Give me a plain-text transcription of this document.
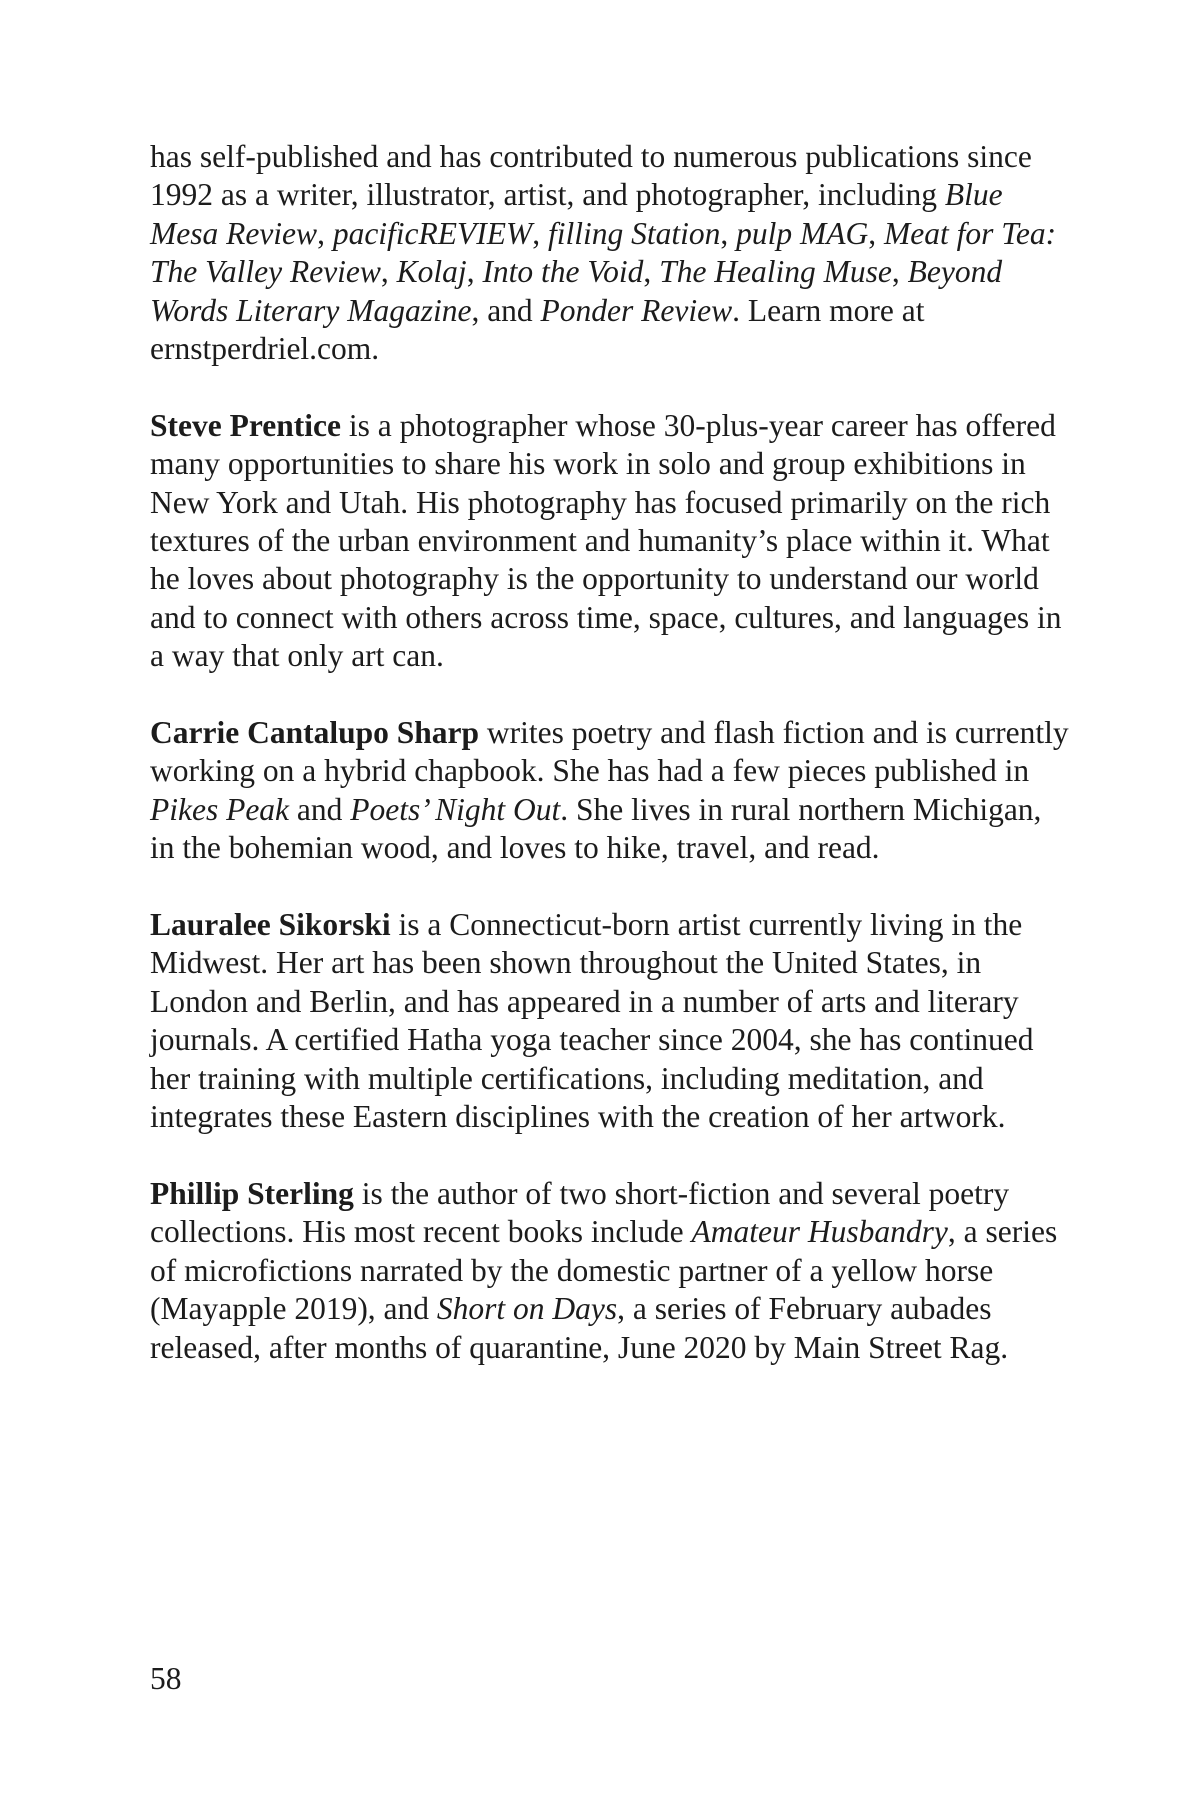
has self-published and has contributed to numerous publications since 1992 as a writer, illustrator, artist, and photographer, including Blue Mesa Review, pacificREVIEW, filling Station, pulp MAG, Meat for Tea: The Valley Review, Kolaj, Into the Void, The Healing Muse, Beyond Words Literary Magazine, and Ponder Review. Learn more at ernstperdriel.com.

Steve Prentice is a photographer whose 30-plus-year career has offered many opportunities to share his work in solo and group exhibitions in New York and Utah. His photography has focused primarily on the rich textures of the urban environment and humanity’s place within it. What he loves about photography is the opportunity to understand our world and to connect with others across time, space, cultures, and languages in a way that only art can.

Carrie Cantalupo Sharp writes poetry and flash fiction and is currently working on a hybrid chapbook. She has had a few pieces published in Pikes Peak and Poets’ Night Out. She lives in rural northern Michigan, in the bohemian wood, and loves to hike, travel, and read.

Lauralee Sikorski is a Connecticut-born artist currently living in the Midwest. Her art has been shown throughout the United States, in London and Berlin, and has appeared in a number of arts and literary journals. A certified Hatha yoga teacher since 2004, she has continued her training with multiple certifications, including meditation, and integrates these Eastern disciplines with the creation of her artwork.

Phillip Sterling is the author of two short-fiction and several poetry collections. His most recent books include Amateur Husbandry, a series of microfictions narrated by the domestic partner of a yellow horse (Mayapple 2019), and Short on Days, a series of February aubades released, after months of quarantine, June 2020 by Main Street Rag.

58
